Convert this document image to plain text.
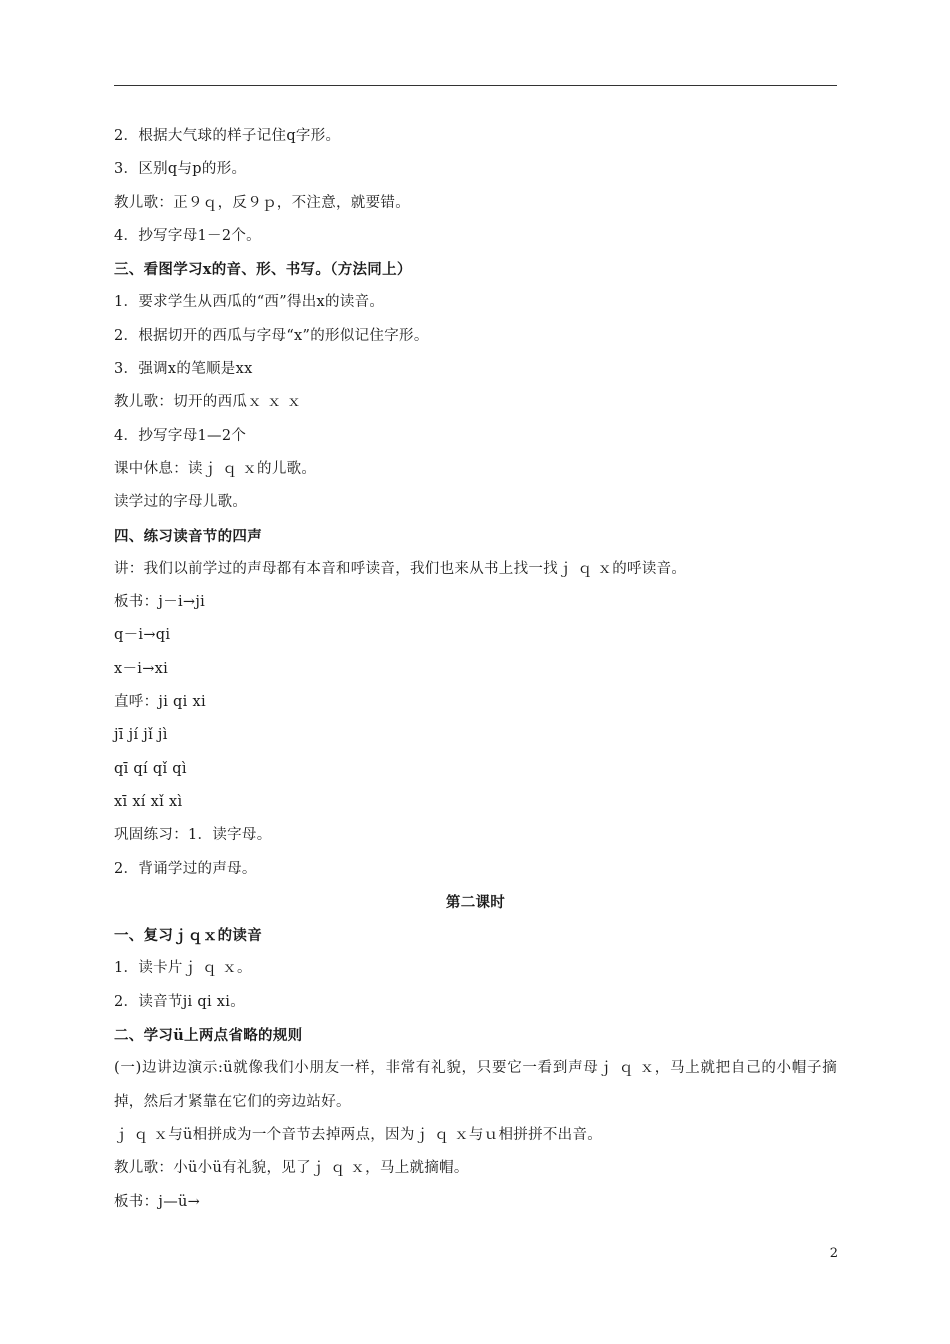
2．根据大气球的样子记住q字形。
3．区别q与p的形。
教儿歌：正９ｑ，反９ｐ，不注意，就要错。
4．抄写字母1－2个。
三、看图学习x的音、形、书写。（方法同上）
1．要求学生从西瓜的“西”得出x的读音。
2．根据切开的西瓜与字母“x”的形似记住字形。
3．强调x的笔顺是xx
教儿歌：切开的西瓜ｘ ｘ ｘ
4．抄写字母1—2个
课中休息：读ｊ ｑ ｘ的儿歌。
读学过的字母儿歌。
四、练习读音节的四声
讲：我们以前学过的声母都有本音和呼读音，我们也来从书上找一找ｊ ｑ ｘ的呼读音。
板书：j－i→ji
q－i→qi
x－i→xi
直呼：ji qi xi
jī jí jǐ jì
qī qí qǐ qì
xī xí xǐ xì
巩固练习：1．读字母。
2．背诵学过的声母。
第二课时
一、复习ｊｑｘ的读音
1．读卡片ｊ ｑ ｘ。
2．读音节ji qi xi。
二、学习ü上两点省略的规则
(一)边讲边演示:ü就像我们小朋友一样，非常有礼貌，只要它一看到声母ｊ ｑ ｘ，马上就把自己的小帽子摘掉，然后才紧靠在它们的旁边站好。
ｊ ｑ ｘ与ü相拼成为一个音节去掉两点，因为ｊ ｑ ｘ与ｕ相拼拼不出音。
教儿歌：小ü小ü有礼貌，见了ｊ ｑ ｘ，马上就摘帽。
板书：j—ü→
2
